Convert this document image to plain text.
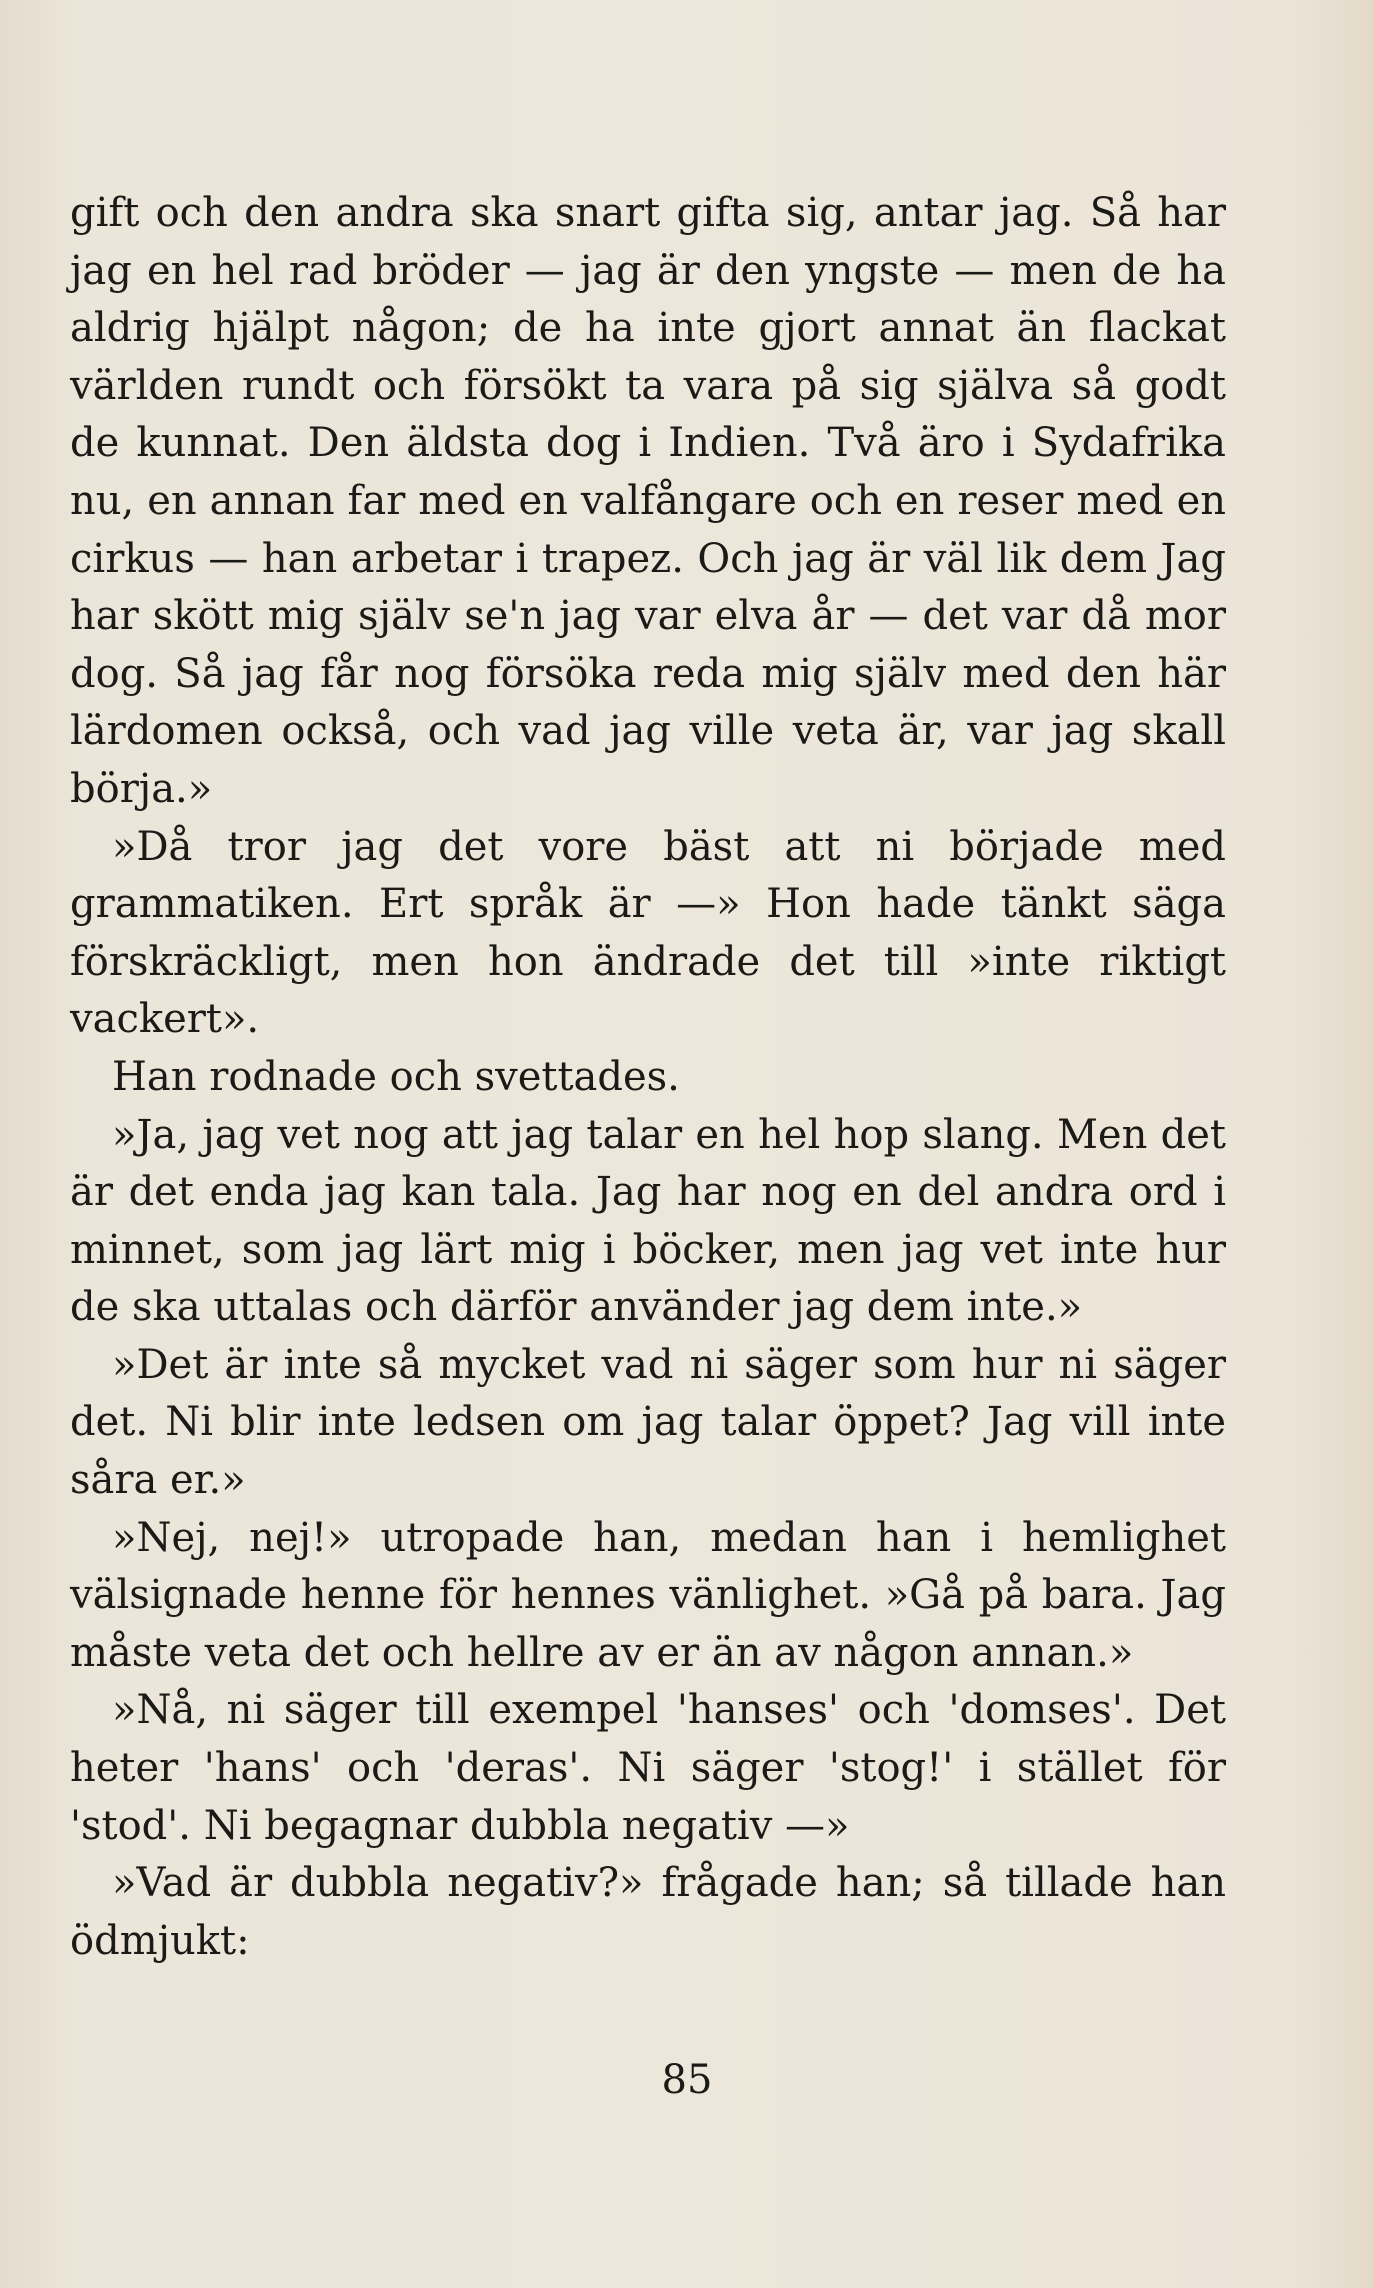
gift och den andra ska snart gifta sig, antar jag. Så har jag en hel rad bröder — jag är den yngste — men de ha aldrig hjälpt någon; de ha inte gjort annat än flackat världen rundt och försökt ta vara på sig själva så godt de kunnat. Den äldsta dog i Indien. Två äro i Sydafrika nu, en annan far med en valfångare och en reser med en cirkus — han arbetar i trapez. Och jag är väl lik dem Jag har skött mig själv se'n jag var elva år — det var då mor dog. Så jag får nog försöka reda mig själv med den här lärdomen också, och vad jag ville veta är, var jag skall börja.»

»Då tror jag det vore bäst att ni började med grammatiken. Ert språk är —» Hon hade tänkt säga förskräckligt, men hon ändrade det till »inte riktigt vackert».

Han rodnade och svettades.

»Ja, jag vet nog att jag talar en hel hop slang. Men det är det enda jag kan tala. Jag har nog en del andra ord i minnet, som jag lärt mig i böcker, men jag vet inte hur de ska uttalas och därför använder jag dem inte.»

»Det är inte så mycket vad ni säger som hur ni säger det. Ni blir inte ledsen om jag talar öppet? Jag vill inte såra er.»

»Nej, nej!» utropade han, medan han i hemlighet välsignade henne för hennes vänlighet. »Gå på bara. Jag måste veta det och hellre av er än av någon annan.»

»Nå, ni säger till exempel 'hanses' och 'domses'. Det heter 'hans' och 'deras'. Ni säger 'stog!' i stället för 'stod'. Ni begagnar dubbla negativ —»

»Vad är dubbla negativ?» frågade han; så tillade han ödmjukt:

85
